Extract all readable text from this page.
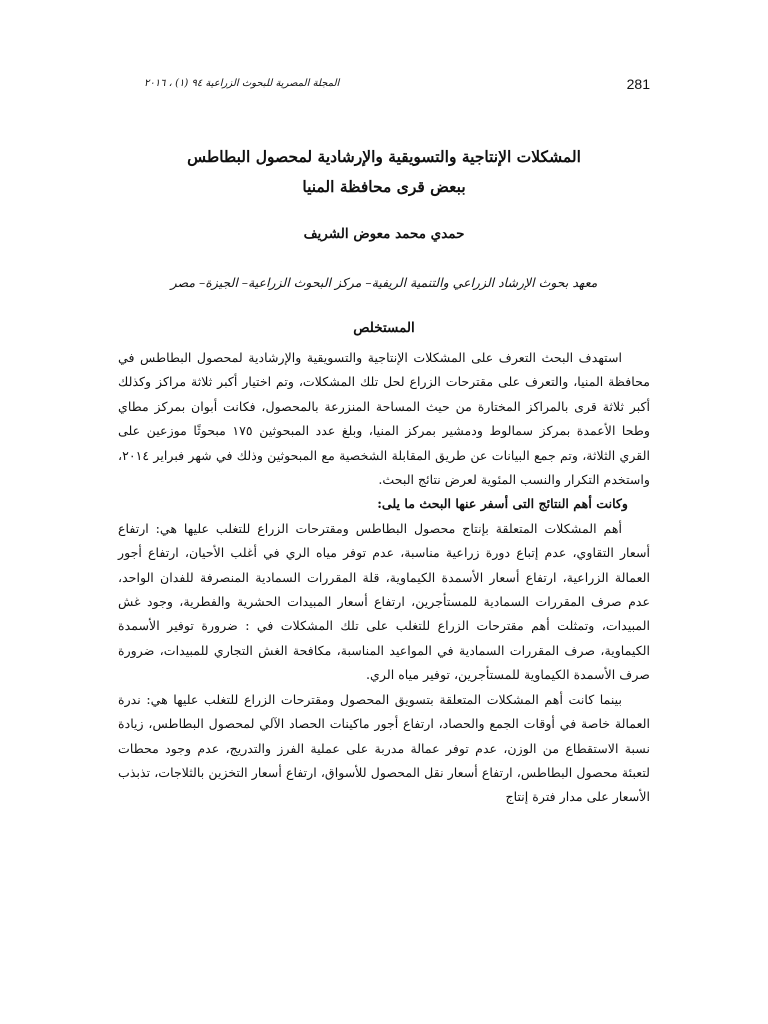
281
المجلة المصرية للبحوث الزراعية ٩٤ (١) ، ٢٠١٦
المشكلات الإنتاجية والتسويقية والإرشادية لمحصول البطاطس
ببعض قرى محافظة المنيا
حمدي محمد معوض الشريف
معهد بحوث الإرشاد الزراعي والتنمية الريفية– مركز البحوث الزراعية– الجيزة– مصر
المستخلص

استهدف البحث التعرف على المشكلات الإنتاجية والتسويقية والإرشادية لمحصول البطاطس في محافظة المنيا، والتعرف على مقترحات الزراع لحل تلك المشكلات، وتم اختيار أكبر ثلاثة مراكز وكذلك أكبر ثلاثة قرى بالمراكز المختارة من حيث المساحة المنزرعة بالمحصول، فكانت أبوان بمركز مطاي وطحا الأعمدة بمركز سمالوط ودمشير بمركز المنيا، وبلغ عدد المبحوثين ١٧٥ مبحوثًا موزعين على القري الثلاثة، وتم جمع البيانات عن طريق المقابلة الشخصية مع المبحوثين وذلك في شهر فبراير ٢٠١٤، واستخدم التكرار والنسب المئوية لعرض نتائج البحث.

وكانت أهم النتائج التى أسفر عنها البحث ما يلى:

أهم المشكلات المتعلقة بإنتاج محصول البطاطس ومقترحات الزراع للتغلب عليها هي: ارتفاع أسعار التقاوي، عدم إتباع دورة زراعية مناسبة، عدم توفر مياه الري في أغلب الأحيان، ارتفاع أجور العمالة الزراعية، ارتفاع أسعار الأسمدة الكيماوية، قلة المقررات السمادية المنصرفة للفدان الواحد، عدم صرف المقررات السمادية للمستأجرين، ارتفاع أسعار المبيدات الحشرية والفطرية، وجود غش المبيدات، وتمثلت أهم مقترحات الزراع للتغلب على تلك المشكلات في : ضرورة توفير الأسمدة الكيماوية، صرف المقررات السمادية في المواعيد المناسبة، مكافحة الغش التجاري للمبيدات، ضرورة صرف الأسمدة الكيماوية للمستأجرين، توفير مياه الري.

بينما كانت أهم المشكلات المتعلقة بتسويق المحصول ومقترحات الزراع للتغلب عليها هي: ندرة العمالة خاصة في أوقات الجمع والحصاد، ارتفاع أجور ماكينات الحصاد الآلي لمحصول البطاطس، زيادة نسبة الاستقطاع من الوزن، عدم توفر عمالة مدربة على عملية الفرز والتدريج، عدم وجود محطات لتعبئة محصول البطاطس، ارتفاع أسعار نقل المحصول للأسواق، ارتفاع أسعار التخزين بالثلاجات، تذبذب الأسعار على مدار فترة إنتاج
